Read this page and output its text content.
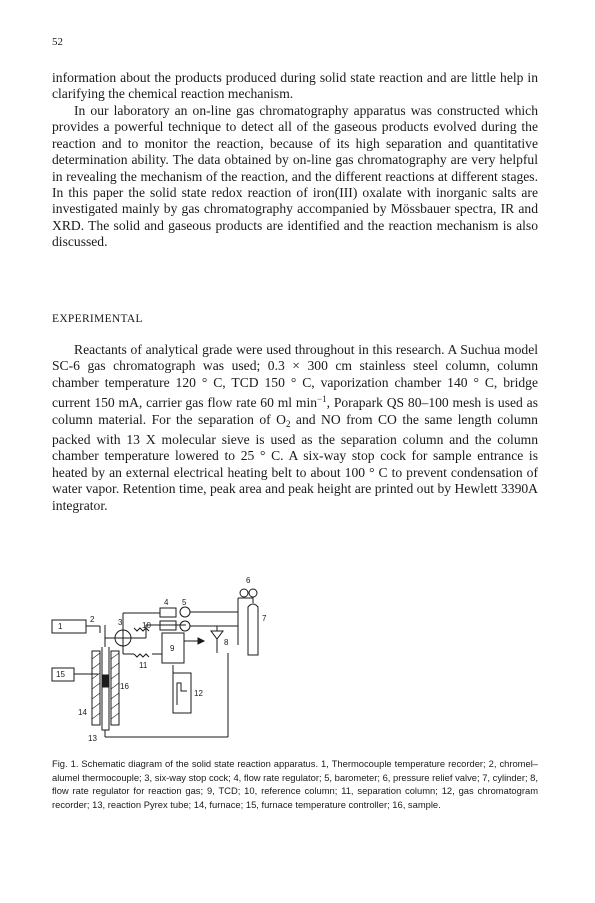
52
information about the products produced during solid state reaction and are little help in clarifying the chemical reaction mechanism.
In our laboratory an on-line gas chromatography apparatus was constructed which provides a powerful technique to detect all of the gaseous products evolved during the reaction and to monitor the reaction, because of its high separation and quantitative determination ability. The data obtained by on-line gas chromatography are very helpful in revealing the mechanism of the reaction, and the different reactions at different stages. In this paper the solid state redox reaction of iron(III) oxalate with inorganic salts are investigated mainly by gas chromatography accompanied by Mössbauer spectra, IR and XRD. The solid and gaseous products are identified and the reaction mechanism is also discussed.
EXPERIMENTAL
Reactants of analytical grade were used throughout in this research. A Suchua model SC-6 gas chromatograph was used; 0.3 × 300 cm stainless steel column, column chamber temperature 120 ° C, TCD 150 ° C, vaporization chamber 140 ° C, bridge current 150 mA, carrier gas flow rate 60 ml $\min^{-1}$, Porapark QS 80–100 mesh is used as column material. For the separation of $O_2$ and NO from CO the same length column packed with 13 X molecular sieve is used as the separation column and the column chamber temperature lowered to 25 ° C. A six-way stop cock for sample entrance is heated by an external electrical heating belt to about 100 ° C to prevent condensation of water vapor. Retention time, peak area and peak height are printed out by Hewlett 3390A integrator.
1
2	3
4 5
6
7
8
9
10
11
12
13
14
15
16
Fig. 1. Schematic diagram of the solid state reaction apparatus. 1, Thermocouple temperature recorder; 2, chromel–alumel thermocouple; 3, six-way stop cock; 4, flow rate regulator; 5, barometer; 6, pressure relief valve; 7, cylinder; 8, flow rate regulator for reaction gas; 9, TCD; 10, reference column; 11, separation column; 12, gas chromatogram recorder; 13, reaction Pyrex tube; 14, furnace; 15, furnace temperature controller; 16, sample.
